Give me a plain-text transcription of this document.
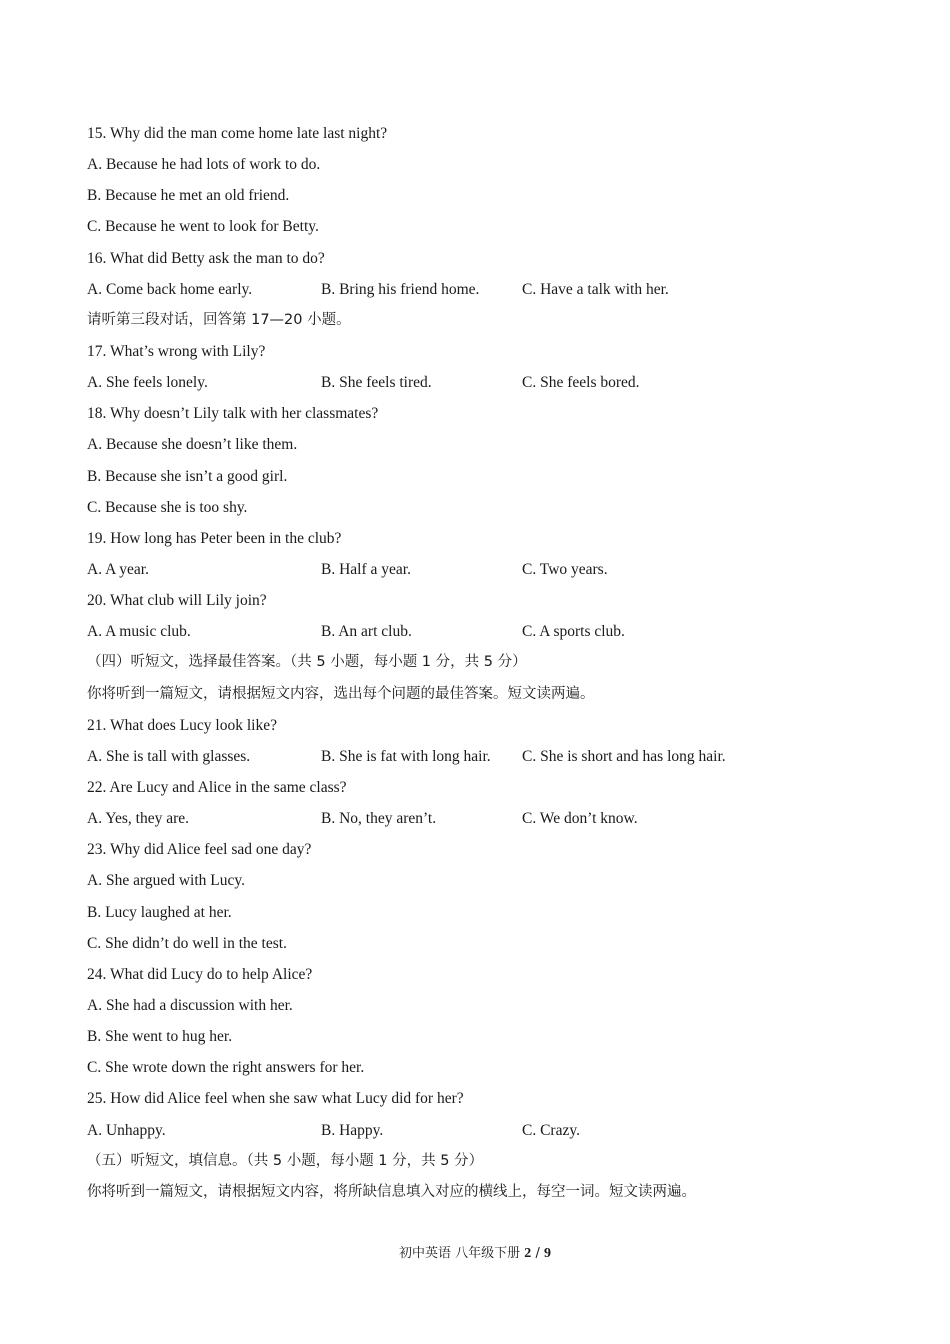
15. Why did the man come home late last night?
A. Because he had lots of work to do.
B. Because he met an old friend.
C. Because he went to look for Betty.
16. What did Betty ask the man to do?
A. Come back home early.	B. Bring his friend home.	C. Have a talk with her.
请听第三段对话，回答第 17—20 小题。
17. What’s wrong with Lily?
A. She feels lonely.	B. She feels tired.	C. She feels bored.
18. Why doesn’t Lily talk with her classmates?
A. Because she doesn’t like them.
B. Because she isn’t a good girl.
C. Because she is too shy.
19. How long has Peter been in the club?
A. A year.	B. Half a year.	C. Two years.
20. What club will Lily join?
A. A music club.	B. An art club.	C. A sports club.
（四）听短文，选择最佳答案。（共 5 小题，每小题 1 分，共 5 分）
你将听到一篇短文，请根据短文内容，选出每个问题的最佳答案。短文读两遍。
21. What does Lucy look like?
A. She is tall with glasses.	B. She is fat with long hair. C. She is short and has long hair.
22. Are Lucy and Alice in the same class?
A. Yes, they are.	B. No, they aren’t.	C. We don’t know.
23. Why did Alice feel sad one day?
A. She argued with Lucy.
B. Lucy laughed at her.
C. She didn’t do well in the test.
24. What did Lucy do to help Alice?
A. She had a discussion with her.
B. She went to hug her.
C. She wrote down the right answers for her.
25. How did Alice feel when she saw what Lucy did for her?
A. Unhappy.	B. Happy.	C. Crazy.
（五）听短文，填信息。（共 5 小题，每小题 1 分，共 5 分）
你将听到一篇短文，请根据短文内容，将所缺信息填入对应的横线上，每空一词。短文读两遍。
初中英语 八年级下册 2 / 9
